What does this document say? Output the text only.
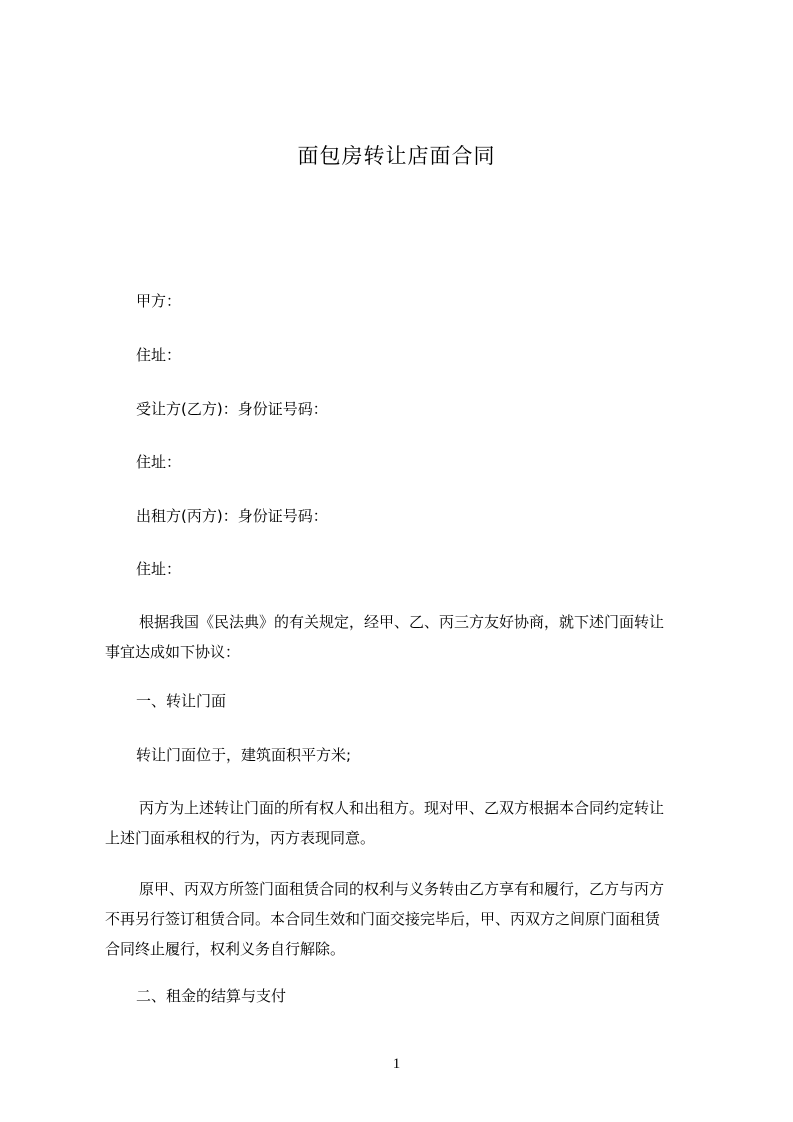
面包房转让店面合同
甲方：
住址：
受让方(乙方)：身份证号码：
住址：
出租方(丙方)：身份证号码：
住址：
根据我国《民法典》的有关规定，经甲、乙、丙三方友好协商，就下述门面转让
事宜达成如下协议：
一、转让门面
转让门面位于，建筑面积平方米;
丙方为上述转让门面的所有权人和出租方。现对甲、乙双方根据本合同约定转让
上述门面承租权的行为，丙方表现同意。
原甲、丙双方所签门面租赁合同的权利与义务转由乙方享有和履行，乙方与丙方
不再另行签订租赁合同。本合同生效和门面交接完毕后，甲、丙双方之间原门面租赁
合同终止履行，权利义务自行解除。
二、租金的结算与支付
1
